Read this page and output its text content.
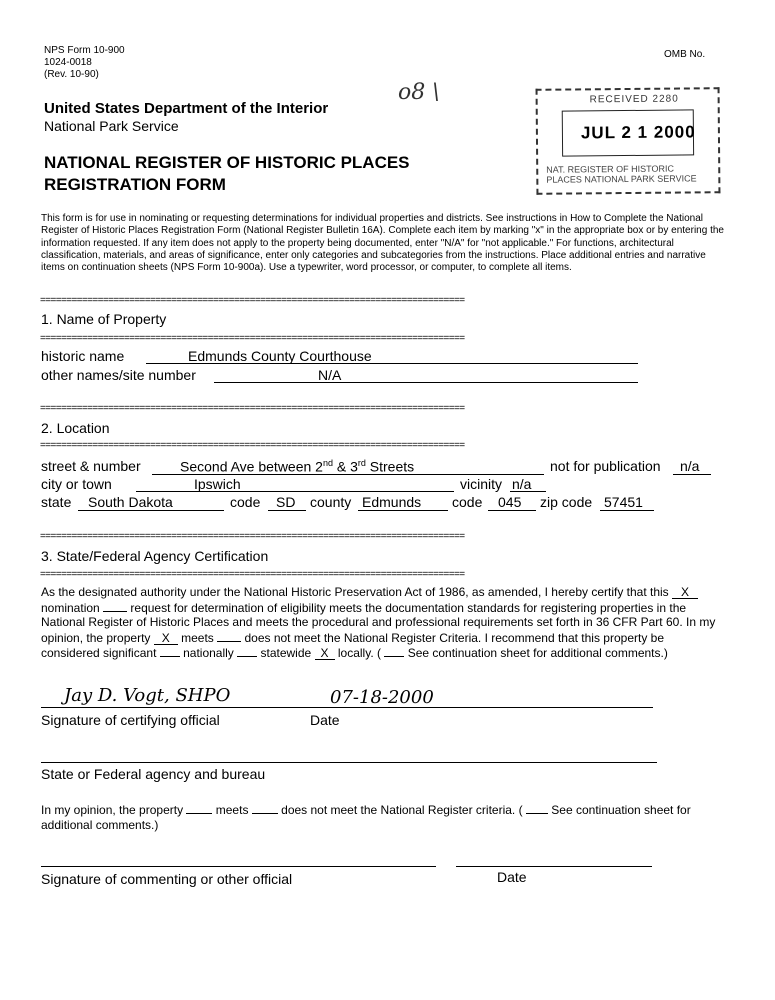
NPS Form 10-900
1024-0018
(Rev. 10-90)
OMB No.
United States Department of the Interior
National Park Service
o8 \
NATIONAL REGISTER OF HISTORIC PLACES
REGISTRATION FORM
RECEIVED 2280
JUL 2 1 2000
NAT. REGISTER OF HISTORIC PLACES NATIONAL PARK SERVICE
This form is for use in nominating or requesting determinations for individual properties and districts. See instructions in How to Complete the National Register of Historic Places Registration Form (National Register Bulletin 16A). Complete each item by marking "x" in the appropriate box or by entering the information requested. If any item does not apply to the property being documented, enter "N/A" for "not applicable." For functions, architectural classification, materials, and areas of significance, enter only categories and subcategories from the instructions. Place additional entries and narrative items on continuation sheets (NPS Form 10-900a). Use a typewriter, word processor, or computer, to complete all items.
=================================================================================
1. Name of Property
=================================================================================
historic name	Edmunds County Courthouse
other names/site number	N/A
=================================================================================
2. Location
=================================================================================
street & number	Second Ave between 2nd & 3rd Streets	not for publication n/a
city or town	Ipswich	vicinity n/a
state South Dakota	code SD county Edmunds code 045 zip code 57451
=================================================================================
3. State/Federal Agency Certification
=================================================================================
As the designated authority under the National Historic Preservation Act of 1986, as amended, I hereby certify that this X nomination	request for determination of eligibility meets the documentation standards for registering properties in the National Register of Historic Places and meets the procedural and professional requirements set forth in 36 CFR Part 60. In my opinion, the property X meets	does not meet the National Register Criteria. I recommend that this property be considered significant nationally statewide X locally. ( See continuation sheet for additional comments.)
Jay D. Vogt, SHPO	07-18-2000
Signature of certifying official	Date
State or Federal agency and bureau
In my opinion, the property	meets	does not meet the National Register criteria. ( See continuation sheet for additional comments.)
Signature of commenting or other official	Date
